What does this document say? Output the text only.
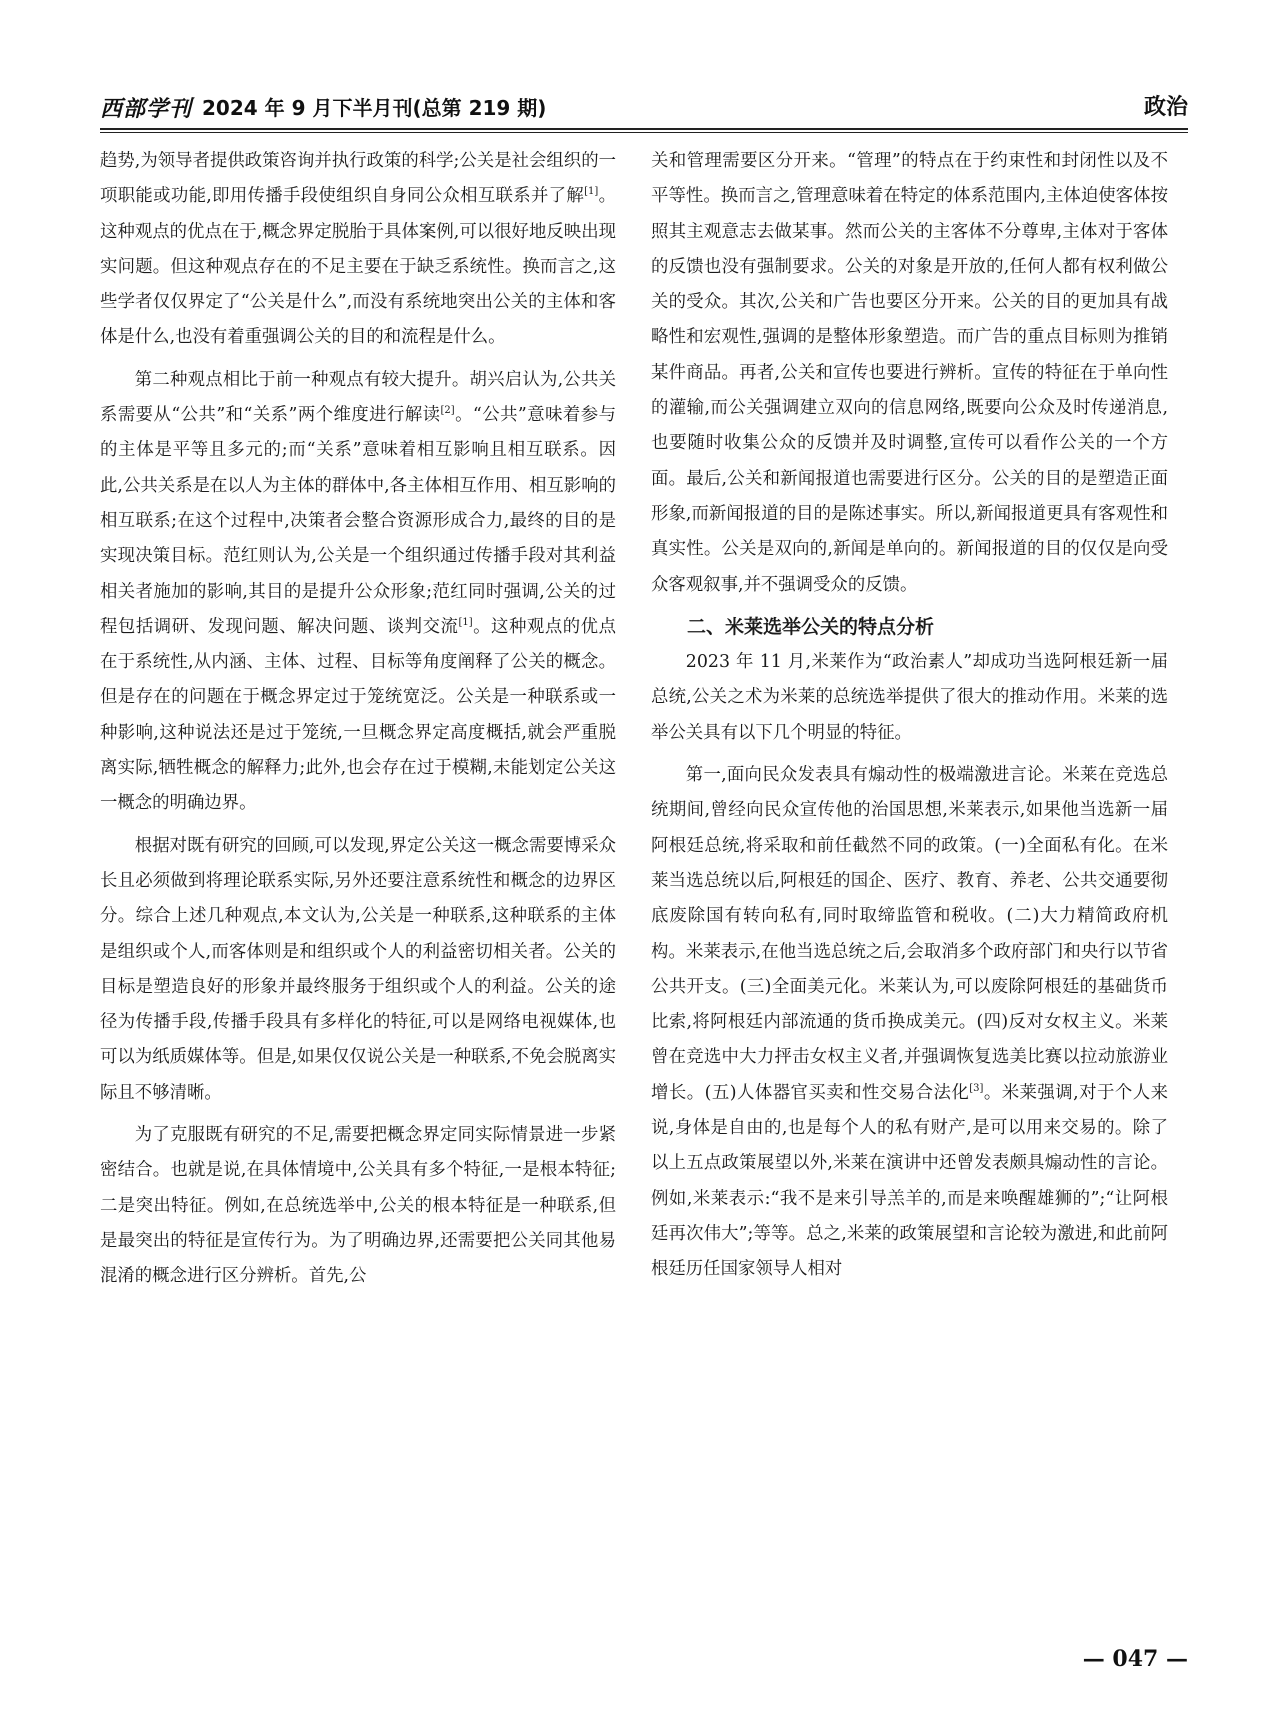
西部学刊 2024 年 9 月下半月刊(总第 219 期)	政治

趋势,为领导者提供政策咨询并执行政策的科学;公关是社会组织的一项职能或功能,即用传播手段使组织自身同公众相互联系并了解[1]。这种观点的优点在于,概念界定脱胎于具体案例,可以很好地反映出现实问题。但这种观点存在的不足主要在于缺乏系统性。换而言之,这些学者仅仅界定了“公关是什么”,而没有系统地突出公关的主体和客体是什么,也没有着重强调公关的目的和流程是什么。

第二种观点相比于前一种观点有较大提升。胡兴启认为,公共关系需要从“公共”和“关系”两个维度进行解读[2]。“公共”意味着参与的主体是平等且多元的;而“关系”意味着相互影响且相互联系。因此,公共关系是在以人为主体的群体中,各主体相互作用、相互影响的相互联系;在这个过程中,决策者会整合资源形成合力,最终的目的是实现决策目标。范红则认为,公关是一个组织通过传播手段对其利益相关者施加的影响,其目的是提升公众形象;范红同时强调,公关的过程包括调研、发现问题、解决问题、谈判交流[1]。这种观点的优点在于系统性,从内涵、主体、过程、目标等角度阐释了公关的概念。但是存在的问题在于概念界定过于笼统宽泛。公关是一种联系或一种影响,这种说法还是过于笼统,一旦概念界定高度概括,就会严重脱离实际,牺牲概念的解释力;此外,也会存在过于模糊,未能划定公关这一概念的明确边界。

根据对既有研究的回顾,可以发现,界定公关这一概念需要博采众长且必须做到将理论联系实际,另外还要注意系统性和概念的边界区分。综合上述几种观点,本文认为,公关是一种联系,这种联系的主体是组织或个人,而客体则是和组织或个人的利益密切相关者。公关的目标是塑造良好的形象并最终服务于组织或个人的利益。公关的途径为传播手段,传播手段具有多样化的特征,可以是网络电视媒体,也可以为纸质媒体等。但是,如果仅仅说公关是一种联系,不免会脱离实际且不够清晰。

为了克服既有研究的不足,需要把概念界定同实际情景进一步紧密结合。也就是说,在具体情境中,公关具有多个特征,一是根本特征;二是突出特征。例如,在总统选举中,公关的根本特征是一种联系,但是最突出的特征是宣传行为。为了明确边界,还需要把公关同其他易混淆的概念进行区分辨析。首先,公

关和管理需要区分开来。“管理”的特点在于约束性和封闭性以及不平等性。换而言之,管理意味着在特定的体系范围内,主体迫使客体按照其主观意志去做某事。然而公关的主客体不分尊卑,主体对于客体的反馈也没有强制要求。公关的对象是开放的,任何人都有权利做公关的受众。其次,公关和广告也要区分开来。公关的目的更加具有战略性和宏观性,强调的是整体形象塑造。而广告的重点目标则为推销某件商品。再者,公关和宣传也要进行辨析。宣传的特征在于单向性的灌输,而公关强调建立双向的信息网络,既要向公众及时传递消息,也要随时收集公众的反馈并及时调整,宣传可以看作公关的一个方面。最后,公关和新闻报道也需要进行区分。公关的目的是塑造正面形象,而新闻报道的目的是陈述事实。所以,新闻报道更具有客观性和真实性。公关是双向的,新闻是单向的。新闻报道的目的仅仅是向受众客观叙事,并不强调受众的反馈。

二、米莱选举公关的特点分析

2023 年 11 月,米莱作为“政治素人”却成功当选阿根廷新一届总统,公关之术为米莱的总统选举提供了很大的推动作用。米莱的选举公关具有以下几个明显的特征。

第一,面向民众发表具有煽动性的极端激进言论。米莱在竞选总统期间,曾经向民众宣传他的治国思想,米莱表示,如果他当选新一届阿根廷总统,将采取和前任截然不同的政策。(一)全面私有化。在米莱当选总统以后,阿根廷的国企、医疗、教育、养老、公共交通要彻底废除国有转向私有,同时取缔监管和税收。(二)大力精简政府机构。米莱表示,在他当选总统之后,会取消多个政府部门和央行以节省公共开支。(三)全面美元化。米莱认为,可以废除阿根廷的基础货币比索,将阿根廷内部流通的货币换成美元。(四)反对女权主义。米莱曾在竞选中大力抨击女权主义者,并强调恢复选美比赛以拉动旅游业增长。(五)人体器官买卖和性交易合法化[3]。米莱强调,对于个人来说,身体是自由的,也是每个人的私有财产,是可以用来交易的。除了以上五点政策展望以外,米莱在演讲中还曾发表颇具煽动性的言论。例如,米莱表示:“我不是来引导羔羊的,而是来唤醒雄狮的”;“让阿根廷再次伟大”;等等。总之,米莱的政策展望和言论较为激进,和此前阿根廷历任国家领导人相对

— 047 —
